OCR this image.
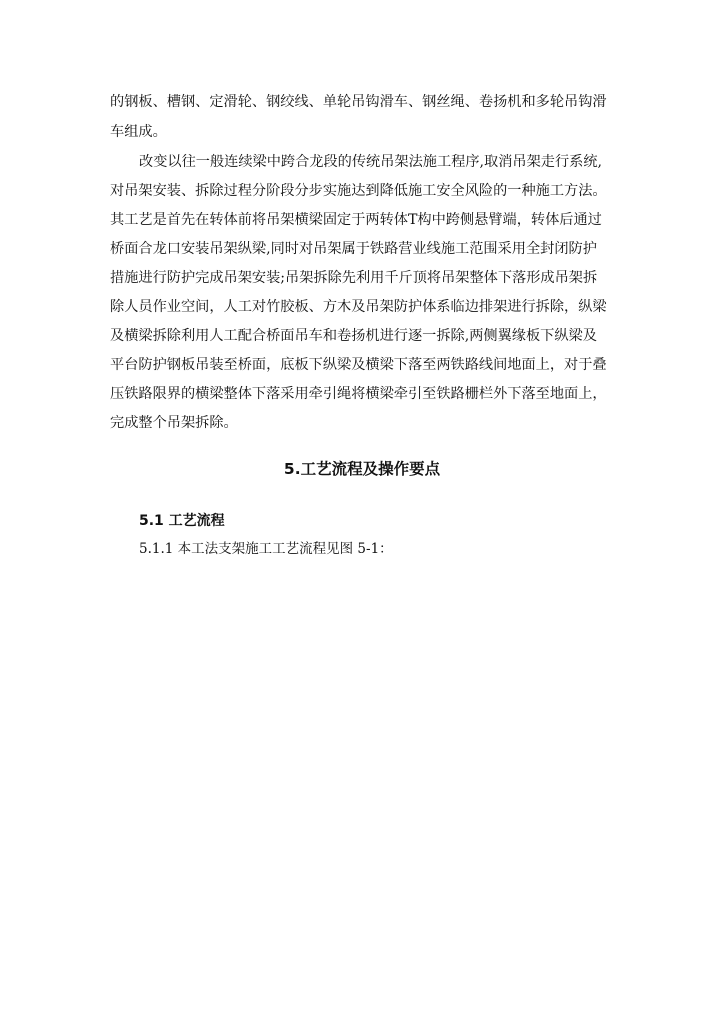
的钢板、槽钢、定滑轮、钢绞线、单轮吊钩滑车、钢丝绳、卷扬机和多轮吊钩滑
车组成。
改变以往一般连续梁中跨合龙段的传统吊架法施工程序,取消吊架走行系统,
对吊架安装、拆除过程分阶段分步实施达到降低施工安全风险的一种施工方法。
其工艺是首先在转体前将吊架横梁固定于两转体T构中跨侧悬臂端，转体后通过
桥面合龙口安装吊架纵梁,同时对吊架属于铁路营业线施工范围采用全封闭防护
措施进行防护完成吊架安装;吊架拆除先利用千斤顶将吊架整体下落形成吊架拆
除人员作业空间，人工对竹胶板、方木及吊架防护体系临边排架进行拆除，纵梁
及横梁拆除利用人工配合桥面吊车和卷扬机进行逐一拆除,两侧翼缘板下纵梁及
平台防护钢板吊装至桥面，底板下纵梁及横梁下落至两铁路线间地面上，对于叠
压铁路限界的横梁整体下落采用牵引绳将横梁牵引至铁路栅栏外下落至地面上，
完成整个吊架拆除。
5.工艺流程及操作要点
5.1 工艺流程
5.1.1 本工法支架施工工艺流程见图 5-1：
